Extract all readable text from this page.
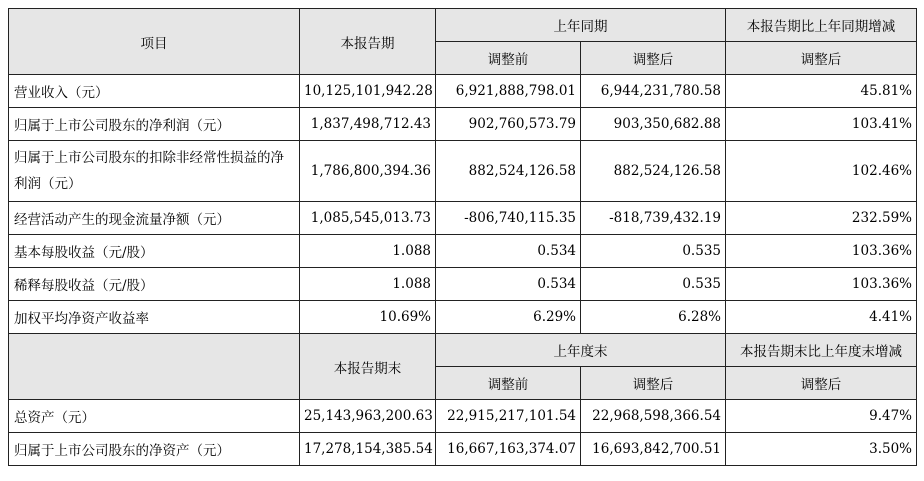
项目	本报告期	上年同期		本报告期比上年同期增减
		调整前	调整后	调整后
营业收入（元）	10,125,101,942.28	6,921,888,798.01	6,944,231,780.58	45.81%
归属于上市公司股东的净利润（元）	1,837,498,712.43	902,760,573.79	903,350,682.88	103.41%
归属于上市公司股东的扣除非经常性损益的净利润（元）	1,786,800,394.36	882,524,126.58	882,524,126.58	102.46%
经营活动产生的现金流量净额（元）	1,085,545,013.73	-806,740,115.35	-818,739,432.19	232.59%
基本每股收益（元/股）	1.088	0.534	0.535	103.36%
稀释每股收益（元/股）	1.088	0.534	0.535	103.36%
加权平均净资产收益率	10.69%	6.29%	6.28%	4.41%
	本报告期末	上年度末		本报告期末比上年度末增减
		调整前	调整后	调整后
总资产（元）	25,143,963,200.63	22,915,217,101.54	22,968,598,366.54	9.47%
归属于上市公司股东的净资产（元）	17,278,154,385.54	16,667,163,374.07	16,693,842,700.51	3.50%
